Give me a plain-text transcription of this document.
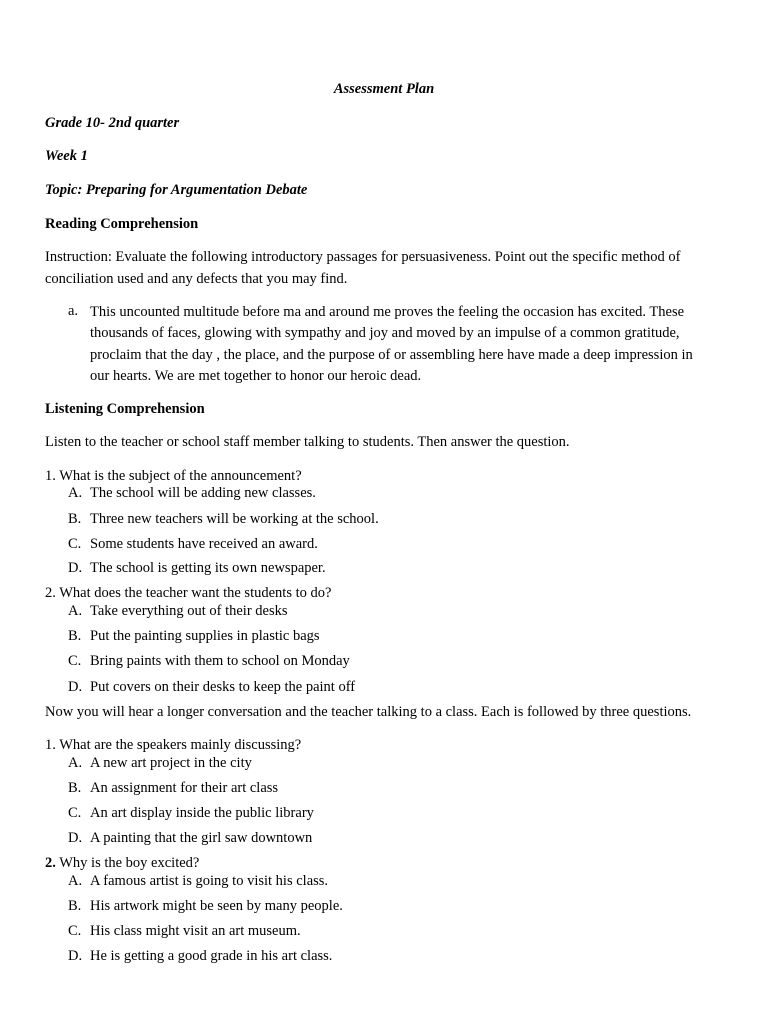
Assessment Plan
Grade 10- 2nd quarter
Week 1
Topic: Preparing for Argumentation Debate
Reading Comprehension
Instruction: Evaluate the following introductory passages for persuasiveness. Point out the specific method of
conciliation used and any defects that you may find.
a. This uncounted multitude before ma and around me proves the feeling the occasion has excited. These
thousands of faces, glowing with sympathy and joy and moved by an impulse of a common gratitude,
proclaim that the day , the place, and the purpose of or assembling here have made a deep impression in
our hearts. We are met together to honor our heroic dead.
Listening Comprehension
Listen to the teacher or school staff member talking to students. Then answer the question.
1. What is the subject of the announcement?
A. The school will be adding new classes.
B. Three new teachers will be working at the school.
C. Some students have received an award.
D. The school is getting its own newspaper.
2. What does the teacher want the students to do?
A. Take everything out of their desks
B. Put the painting supplies in plastic bags
C. Bring paints with them to school on Monday
D. Put covers on their desks to keep the paint off
Now you will hear a longer conversation and the teacher talking to a class. Each is followed by three questions.
1. What are the speakers mainly discussing?
A. A new art project in the city
B. An assignment for their art class
C. An art display inside the public library
D. A painting that the girl saw downtown
2. Why is the boy excited?
A. A famous artist is going to visit his class.
B. His artwork might be seen by many people.
C. His class might visit an art museum.
D. He is getting a good grade in his art class.
